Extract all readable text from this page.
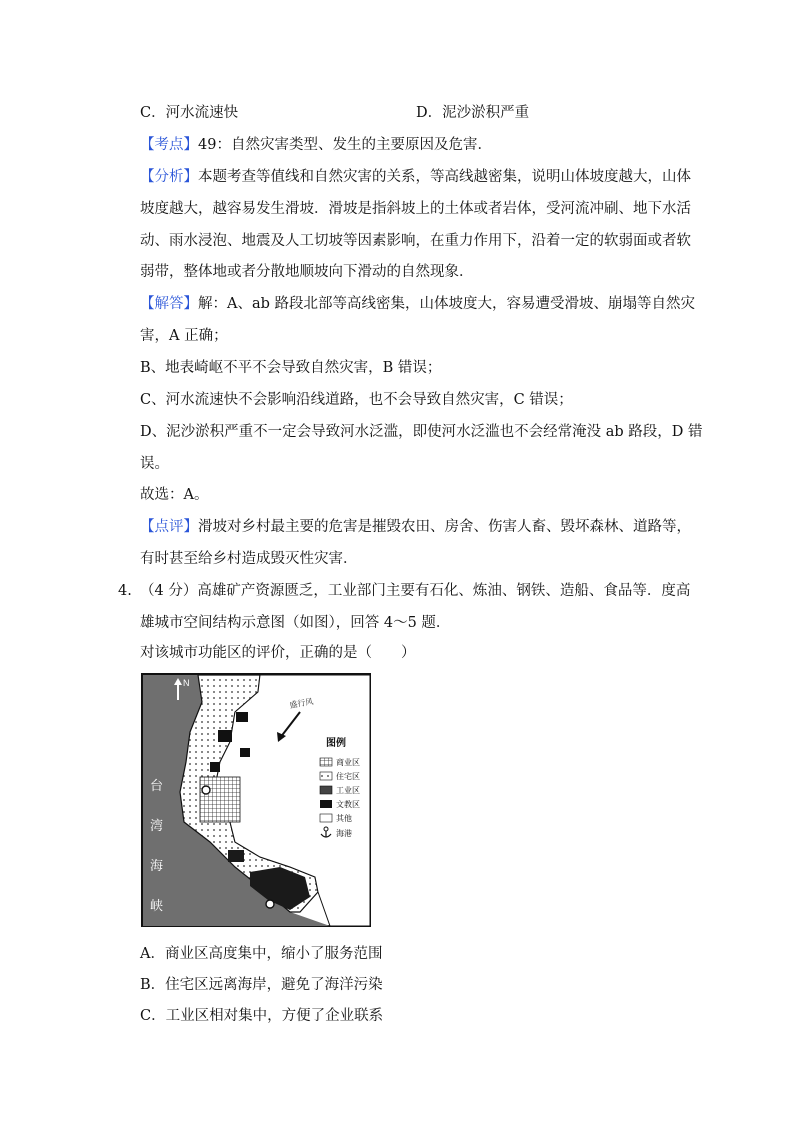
C．河水流速快	D．泥沙淤积严重
【考点】49：自然灾害类型、发生的主要原因及危害．
【分析】本题考查等值线和自然灾害的关系，等高线越密集，说明山体坡度越大，山体
坡度越大，越容易发生滑坡．滑坡是指斜坡上的土体或者岩体，受河流冲刷、地下水活
动、雨水浸泡、地震及人工切坡等因素影响，在重力作用下，沿着一定的软弱面或者软
弱带，整体地或者分散地顺坡向下滑动的自然现象．
【解答】解：A、ab 路段北部等高线密集，山体坡度大，容易遭受滑坡、崩塌等自然灾
害，A 正确；
B、地表崎岖不平不会导致自然灾害，B 错误；
C、河水流速快不会影响沿线道路，也不会导致自然灾害，C 错误；
D、泥沙淤积严重不一定会导致河水泛滥，即使河水泛滥也不会经常淹没 ab 路段，D 错
误。
故选：A。
【点评】滑坡对乡村最主要的危害是摧毁农田、房舍、伤害人畜、毁坏森林、道路等，
有时甚至给乡村造成毁灭性灾害．
4. （4 分）高雄矿产资源匮乏，工业部门主要有石化、炼油、钢铁、造船、食品等．度高
雄城市空间结构示意图（如图），回答 4～5 题．
对该城市功能区的评价，正确的是（　　）
N
盛行风
台
湾
海
峡
图例
商业区
住宅区
工业区
文教区
其他
海港
A．商业区高度集中，缩小了服务范围
B．住宅区远离海岸，避免了海洋污染
C．工业区相对集中，方便了企业联系
